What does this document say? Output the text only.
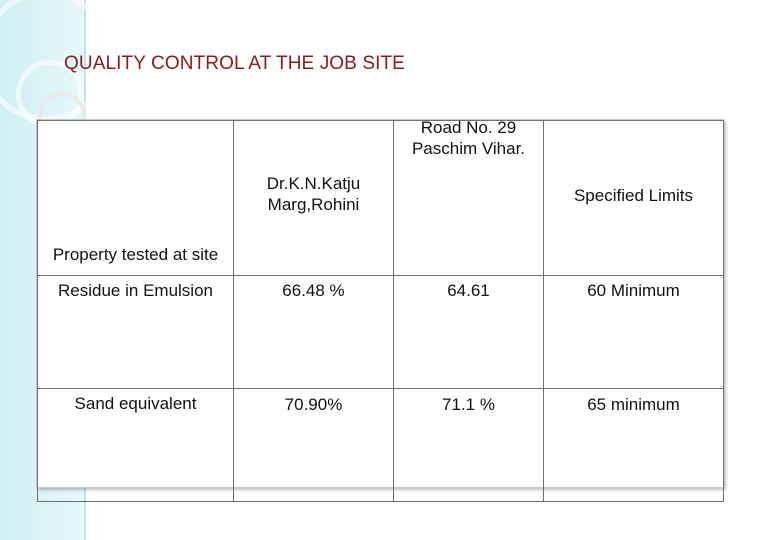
QUALITY CONTROL AT THE JOB SITE
Property tested at site	Dr.K.N.Katju Marg,Rohini	Road No. 29 Paschim Vihar.	Specified Limits

Residue in Emulsion	66.48 %	64.61	60 Minimum
Sand equivalent	70.90%	71.1 %	65 minimum
